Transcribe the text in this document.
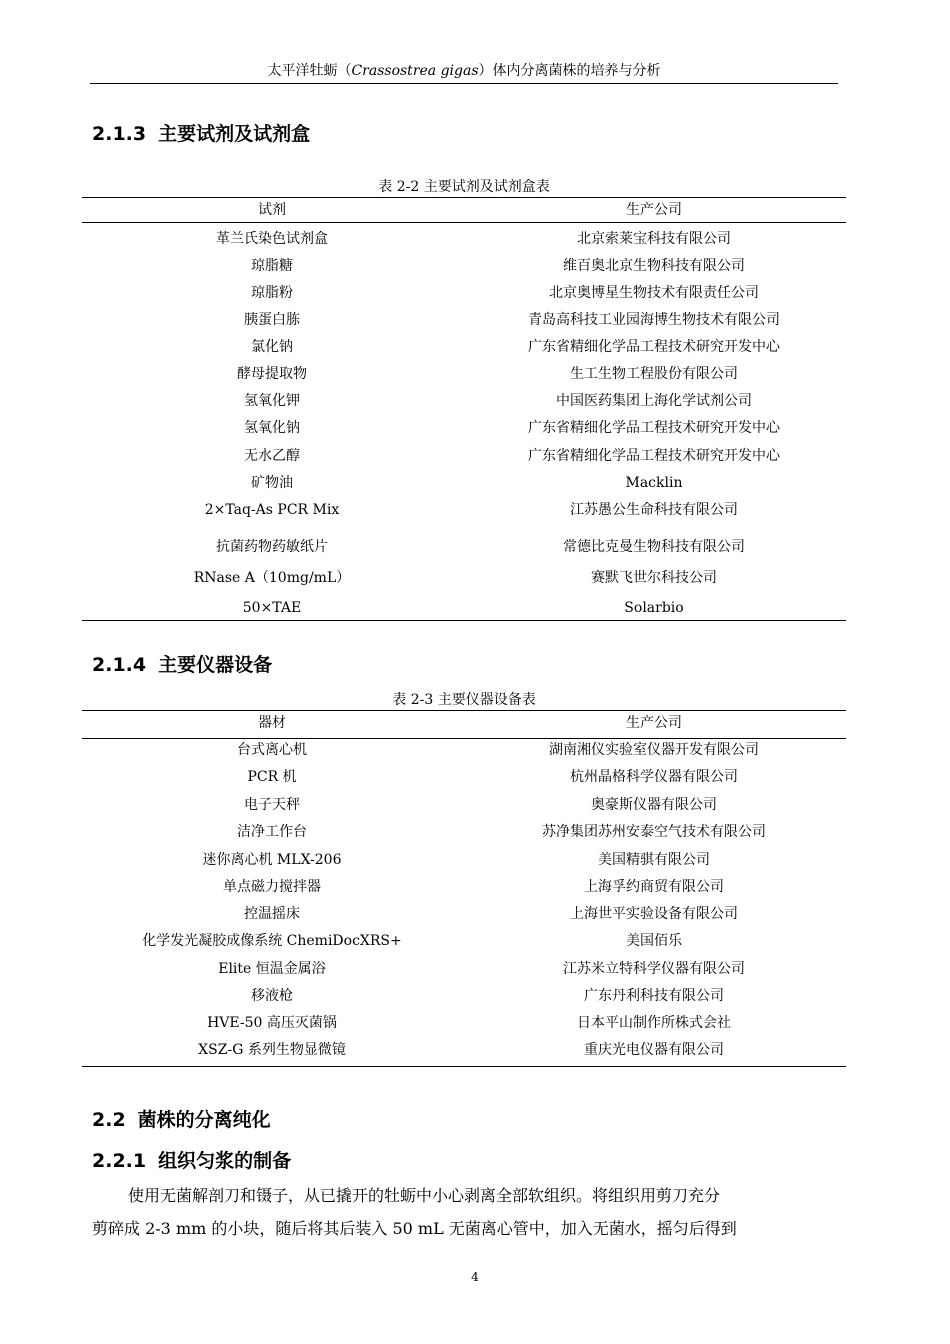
太平洋牡蛎（Crassostrea gigas）体内分离菌株的培养与分析
2.1.3 主要试剂及试剂盒
表 2-2 主要试剂及试剂盒表
试剂	生产公司
革兰氏染色试剂盒	北京索莱宝科技有限公司
琼脂糖	维百奥北京生物科技有限公司
琼脂粉	北京奥博星生物技术有限责任公司
胰蛋白胨	青岛高科技工业园海博生物技术有限公司
氯化钠	广东省精细化学品工程技术研究开发中心
酵母提取物	生工生物工程股份有限公司
氢氧化钾	中国医药集团上海化学试剂公司
氢氧化钠	广东省精细化学品工程技术研究开发中心
无水乙醇	广东省精细化学品工程技术研究开发中心
矿物油	Macklin
2×Taq-As PCR Mix	江苏愚公生命科技有限公司
抗菌药物药敏纸片	常德比克曼生物科技有限公司
RNase A（10mg/mL）	赛默飞世尔科技公司
50×TAE	Solarbio
2.1.4 主要仪器设备
表 2-3 主要仪器设备表
器材	生产公司
台式离心机	湖南湘仪实验室仪器开发有限公司
PCR 机	杭州晶格科学仪器有限公司
电子天秤	奥豪斯仪器有限公司
洁净工作台	苏净集团苏州安泰空气技术有限公司
迷你离心机 MLX-206	美国精骐有限公司
单点磁力搅拌器	上海孚约商贸有限公司
控温摇床	上海世平实验设备有限公司
化学发光凝胶成像系统 ChemiDocXRS+	美国佰乐
Elite 恒温金属浴	江苏米立特科学仪器有限公司
移液枪	广东丹利科技有限公司
HVE-50 高压灭菌锅	日本平山制作所株式会社
XSZ-G 系列生物显微镜	重庆光电仪器有限公司
2.2 菌株的分离纯化
2.2.1 组织匀浆的制备
使用无菌解剖刀和镊子，从已撬开的牡蛎中小心剥离全部软组织。将组织用剪刀充分
剪碎成 2-3 mm 的小块，随后将其后装入 50 mL 无菌离心管中，加入无菌水，摇匀后得到
4
